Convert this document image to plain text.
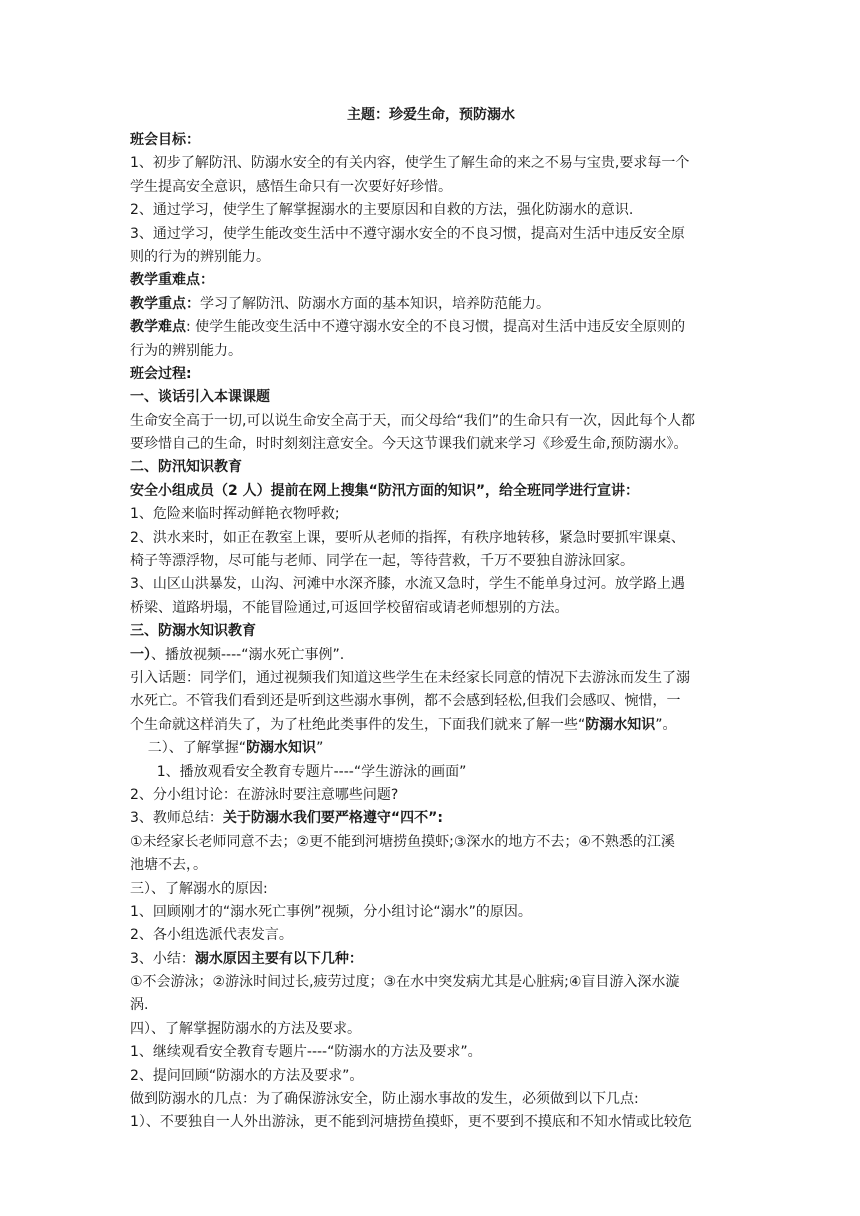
主题：珍爱生命，预防溺水
班会目标：
1、初步了解防汛、防溺水安全的有关内容，使学生了解生命的来之不易与宝贵,要求每一个
学生提高安全意识，感悟生命只有一次要好好珍惜。
2、通过学习，使学生了解掌握溺水的主要原因和自救的方法，强化防溺水的意识.
3、通过学习，使学生能改变生活中不遵守溺水安全的不良习惯，提高对生活中违反安全原
则的行为的辨别能力。
教学重难点：
教学重点：学习了解防汛、防溺水方面的基本知识，培养防范能力。
教学难点: 使学生能改变生活中不遵守溺水安全的不良习惯，提高对生活中违反安全原则的
行为的辨别能力。
班会过程:
一、谈话引入本课课题
生命安全高于一切,可以说生命安全高于天，而父母给“我们”的生命只有一次，因此每个人都
要珍惜自己的生命，时时刻刻注意安全。今天这节课我们就来学习《珍爱生命,预防溺水》。
二、防汛知识教育
安全小组成员（2 人）提前在网上搜集“防汛方面的知识”，给全班同学进行宣讲：
1、危险来临时挥动鲜艳衣物呼救;
2、洪水来时，如正在教室上课，要听从老师的指挥，有秩序地转移，紧急时要抓牢课桌、
椅子等漂浮物，尽可能与老师、同学在一起，等待营救，千万不要独自游泳回家。
3、山区山洪暴发，山沟、河滩中水深齐膝，水流又急时，学生不能单身过河。放学路上遇
桥梁、道路坍塌，不能冒险通过,可返回学校留宿或请老师想别的方法。
三、防溺水知识教育
一）、播放视频----“溺水死亡事例”.
引入话题：同学们，通过视频我们知道这些学生在未经家长同意的情况下去游泳而发生了溺
水死亡。不管我们看到还是听到这些溺水事例，都不会感到轻松,但我们会感叹、惋惜，一
个生命就这样消失了，为了杜绝此类事件的发生，下面我们就来了解一些“防溺水知识”。
二）、了解掌握“防溺水知识”
1、播放观看安全教育专题片----“学生游泳的画面”
2、分小组讨论：在游泳时要注意哪些问题?
3、教师总结：关于防溺水我们要严格遵守“四不”:
①未经家长老师同意不去；②更不能到河塘捞鱼摸虾;③深水的地方不去；④不熟悉的江溪
池塘不去，。
三）、了解溺水的原因:
1、回顾刚才的“溺水死亡事例”视频，分小组讨论“溺水”的原因。
2、各小组选派代表发言。
3、小结：溺水原因主要有以下几种：
①不会游泳；②游泳时间过长,疲劳过度；③在水中突发病尤其是心脏病;④盲目游入深水漩
涡.
四）、了解掌握防溺水的方法及要求。
1、继续观看安全教育专题片----“防溺水的方法及要求”。
2、提问回顾“防溺水的方法及要求”。
做到防溺水的几点：为了确保游泳安全，防止溺水事故的发生，必须做到以下几点:
1）、不要独自一人外出游泳，更不能到河塘捞鱼摸虾，更不要到不摸底和不知水情或比较危
